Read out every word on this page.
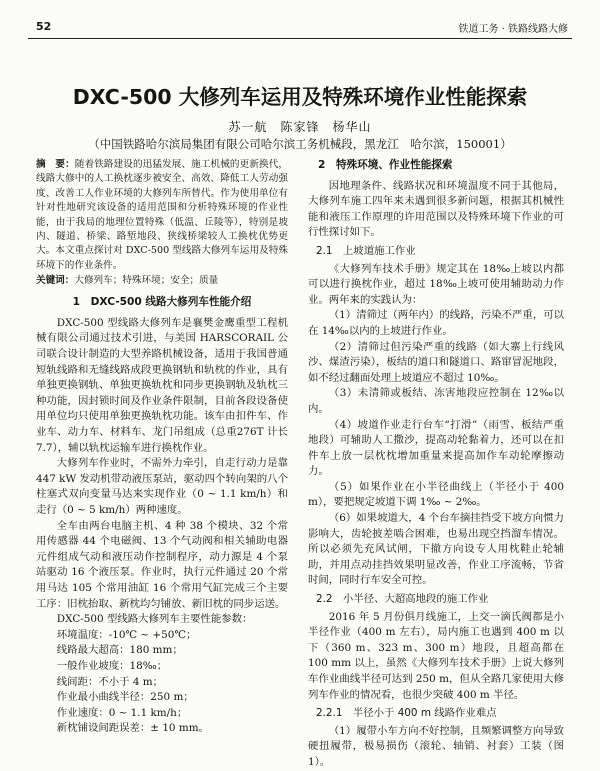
52	铁道工务 · 铁路线路大修
DXC-500 大修列车运用及特殊环境作业性能探索
苏一航　陈家锋　杨华山
（中国铁路哈尔滨局集团有限公司哈尔滨工务机械段，黑龙江　哈尔滨，150001）
摘　要：随着铁路建设的迅猛发展、施工机械的更新换代，线路大修中的人工换枕逐步被安全、高效、降低工人劳动强度、改善工人作业环境的大修列车所替代。作为使用单位有针对性地研究该设备的适用范围和分析特殊环境的作业性能，由于我局的地理位置特殊（低温、丘陵等），特别是坡内、隧道、桥梁、路堑地段、狭线桥梁较人工换枕优势更大。本文重点探讨对 DXC-500 型线路大修列车运用及特殊环境下的作业条件。
关键词：大修列车；特殊环境；安全；质量
1　DXC-500 线路大修列车性能介绍

DXC-500 型线路大修列车是襄樊金鹰重型工程机械有限公司通过技术引进，与美国 HARSCORAIL 公司联合设计制造的大型养路机械设备，适用于我国普通短轨线路和无缝线路成段更换钢轨和轨枕的作业，具有单独更换钢轨、单独更换轨枕和同步更换钢轨及轨枕三种功能，因封锁时间及作业条件限制，目前各段设备使用单位均只使用单独更换轨枕功能。该车由扣件车、作业车、动力车、材料车、龙门吊组成（总重276T 计长 7.7），辅以轨枕运输车进行换枕作业。

大修列车作业时，不需外力牵引，自走行动力是靠 447 kW 发动机带动液压泵站，驱动四个转向架的八个柱塞式双向变量马达来实现作业（0 ~ 1.1 km/h）和走行（0 ~ 5 km/h）两种速度。

全车由两台电脑主机、4 种 38 个模块、32 个常用传感器 44 个电磁阀、13 个气动阀和相关辅助电器元件组成气动和液压动作控制程序，动力源是 4 个泵站驱动 16 个液压泵。作业时，执行元件通过 20 个常用马达 105 个常用油缸 16 个常用气缸完成三个主要工序：旧枕抬取、新枕均匀铺放、新旧枕的同步运送。

DXC-500 型线路大修列车主要性能参数：

环境温度：-10℃ ~ +50℃；

线路最大超高：180 mm；

一般作业坡度：18‰；

线间距：不小于 4 m；

作业最小曲线半径：250 m；

作业速度：0 ~ 1.1 km/h；

新枕铺设间距误差：± 10 mm。

2　特殊环境、作业性能探索

因地理条件、线路状况和环境温度不同于其他局，大修列车施工四年来未遇到很多新问题，根据其机械性能和液压工作原理的许用范围以及特殊环境下作业的可行性探讨如下。

2.1　上坡道施工作业

《大修列车技术手册》规定其在 18‰上坡以内都可以进行换枕作业，超过 18‰上坡可使用辅助动力作业。两年来的实践认为：

（1）清筛过（两年内）的线路，污染不严重，可以在 14‰以内的上坡进行作业。

（2）清筛过但污染严重的线路（如大寨上行线风沙、煤渣污染），板结的道口和隧道口、路窜冒泥地段，如不经过翻面处理上坡道应不超过 10‰。

（3）未清筛或板结、冻害地段应控制在 12‰以内。

（4）坡道作业走行台车“打滑”（雨雪、板结严重地段）可辅助人工撒沙，提高动轮黏着力，还可以在扣件车上放一层枕枕增加重量来提高加作车动轮摩擦动力。

（5）如果作业在小半径曲线上（半径小于 400 m），要把规定坡道下调 1‰ ~ 2‰。

（6）如果坡道大，4 个台车摘挂挡受下坡方向惯力影响大，齿轮披差啮合困难，也易出现空挡溜车情况。所以必须先充风试闸，下撤方向设专人用枕鞋止轮辅助，并用点动挂挡效果明显改善，作业工序流畅，节省时间，同时行车安全可控。

2.2　小半径、大超高地段的施工作业

2016 年 5 月份俱月线施工，上交一滴氏阀都是小半径作业（400 m 左右），局内施工也遇到 400 m 以下（360 m、323 m、300 m）地段，且超高都在 100 mm 以上，虽然《大修列车技术手册》上说大修列车作业曲线半径可达到 250 m，但从全路几家使用大修列车作业的情况看，也很少突破 400 m 半径。

2.2.1　半径小于 400 m 线路作业难点

（1）履带小车方向不好控制，且频繁调整方向导致硬扭履带，极易损伤（滚轮、轴销、衬套）工装（图 1）。
